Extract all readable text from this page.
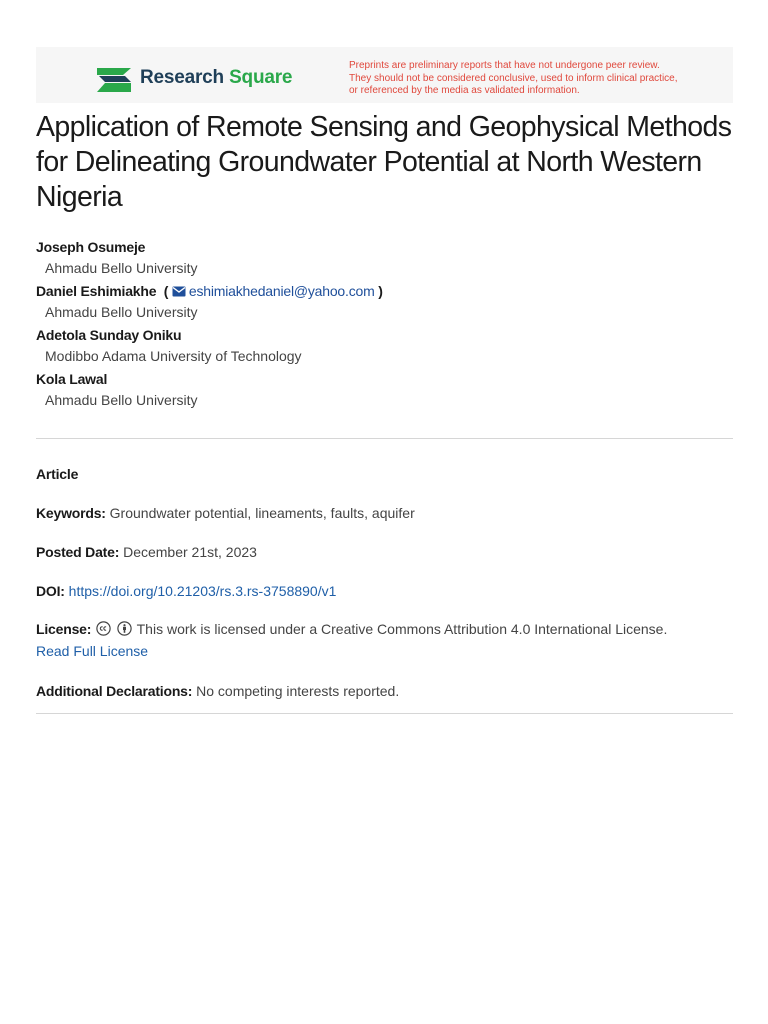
Research Square
Preprints are preliminary reports that have not undergone peer review.
They should not be considered conclusive, used to inform clinical practice,
or referenced by the media as validated information.
Application of Remote Sensing and Geophysical Methods for Delineating Groundwater Potential at North Western Nigeria
Joseph Osumeje
Ahmadu Bello University
Daniel Eshimiakhe  ( eshimiakhedaniel@yahoo.com )
Ahmadu Bello University
Adetola Sunday Oniku
Modibbo Adama University of Technology
Kola Lawal
Ahmadu Bello University
Article
Keywords: Groundwater potential, lineaments, faults, aquifer
Posted Date: December 21st, 2023
DOI: https://doi.org/10.21203/rs.3.rs-3758890/v1
License:	This work is licensed under a Creative Commons Attribution 4.0 International License.
Read Full License
Additional Declarations: No competing interests reported.
